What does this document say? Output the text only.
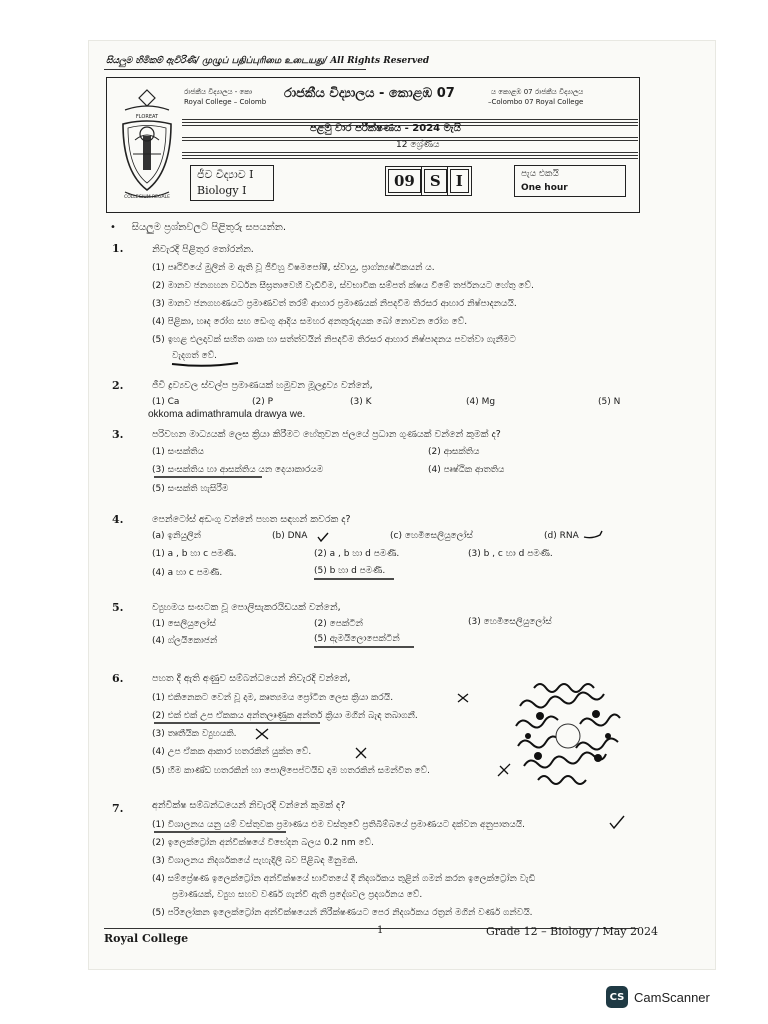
සියලුම හිමිකම් ඇවිරිණි/ முழுப் பதிப்புரிமை உடையது/ All Rights Reserved
FLOREAT
COLLEGIUM REGALE
රාජකීය විද්‍යාලය - කො
Royal College – Colomb
රාජකීය විද්‍යාලය - කොළඹ 07	ය කොළඹ 07 රාජකීය විද්‍යාලය
–Colombo 07 Royal College
පළමු වාර පරීක්ෂණය - 2024 මැයි
12 ශ්‍රේණිය
ජීව විද්‍යාව I
Biology I
09	S	I	පැය එකයි
One hour
•     සියලුම ප්‍රශ්නවලට පිළිතුරු සපයන්න.
1.	නිවැරදි පිළිතුර තෝරන්න.
(1) පෘථිවියේ මුලින් ම ඇති වූ ජීවීහු විෂමපෝෂී, ස්වායු, ප්‍රාග්න්‍යෂ්ටිකයන් ය.
(2) මානව ජනගහන වර්ධන සීඝ්‍රතාවෙහි වැඩිවීම, ස්වභාවික සම්පත් ක්ෂය වීමේ තර්ජනයට හේතු වේ.
(3) මානව ජනගහණයට ප්‍රමාණවත් තරම් ආහාර ප්‍රමාණයක් නිපදවීම තිරසර ආහාර නිෂ්පාදනයයි.
(4) පිළිකා, හෘද රෝග සහ ඩෙංගු ආදිය සමහර අනතුරුදායක බෝ නොවන රෝග වේ.
(5) ඉහළ එලදාවක් සහිත ශාක හා සත්ත්වයින් නිපදවීම තිරසර ආහාර නිෂ්පාදනය පවත්වා ගැනීමට
වැදගත් වේ.
2.	ජීවී ද්‍රව්‍යවල ස්වල්ප ප්‍රමාණයක් හමුවන මූලද්‍රව්‍ය වන්නේ,
(1) Ca	(2) P	(3) K	(4) Mg	(5) N
okkoma adimathramula drawya we.
3.	පරිවහන මාධ්‍යයක් ලෙස ක්‍රියා කිරීමට හේතුවන ජලයේ ප්‍රධාන ගුණයක් වන්නේ කුමක් ද?
(1) සංසක්තිය	(2) ආසක්තිය
(3) සංසක්තිය හා ආසක්තිය යන දෙයාකාරයම	(4) පෘෂ්ඨික ආතතිය
(5) සංසක්ති හැසිරීම
4.	පෙන්ටෝස් අඩංගු වන්නේ පහත සඳහන් කවරක ද?
(a) ඉනියුලින්	(b) DNA	(c) හෙමිසෙලියුලෝස්	(d) RNA
(1) a , b හා c පමණි.	(2) a , b හා d පමණි.	(3) b , c හා d පමණි.
(4) a හා c පමණි.	(5) b හා d පමණි.
5.	ව්‍යුහමය සංඝටක වූ පොලිසැකරයිඩයක් වන්නේ,
(1) සෙලියුලෝස්	(2) පෙක්ටින්	(3) හෙමිසෙලියුලෝස්
(4) ග්ලයිකොජන්	(5) ඇමයිලොපෙක්ටින්
6.	පහත දී ඇති අණුව සම්බන්ධයෙන් නිවැරදි වන්නේ,
(1) එකිනෙකට වෙන් වූ දාම, කෘත්‍යමය ප්‍රෝටීන ලෙස ක්‍රියා කරයි.
(2) එක් එක් උප ඒකකය අන්තලෘණුක අන්තර් ක්‍රියා මගින් බැඳ තබාගනී.
(3) තෘතීයික ව්‍යුහයකි.
(4) උප ඒකක ආකාර හතරකින් යුක්ත වේ.
(5) හීම කාණ්ඩ හතරකින් හා පොලිපෙප්ටයිඩ දාම හතරකින් සමන්විත වේ.
7.	අන්වීක්ෂ සම්බන්ධයෙන් නිවැරදි වන්නේ කුමක් ද?
(1) විශාලනය යනු යම් වස්තුවක ප්‍රමාණය එම වස්තුවේ ප්‍රතිබිම්බයේ ප්‍රමාණයට දක්වන අනුපාතයයි.
(2) ඉලෙක්ට්‍රෝන අන්වීක්ෂයේ විභේදන බලය 0.2 nm වේ.
(3) විශාලනය නිදර්ශකයේ පැහැදිලි බව පිළිබඳ මිනුමකි.
(4) සම්ප්‍රේෂණ ඉලෙක්ට්‍රෝන අන්වීක්ෂයේ භාවිතයේ දී නිදර්ශකය තුළින් ගමන් කරන ඉලෙක්ට්‍රෝන වැඩි
ප්‍රමාණයක්, ව්‍යුහ සහව වර්ණ ගැන්වී ඇති ප්‍රදේශවල ප්‍රදර්ශනය වේ.
(5) පරිලෝකන ඉලෙක්ට්‍රෝන අන්වීක්ෂයෙන් නිරීක්ෂණයට පෙර නිදර්ශකය රත්‍රන් මගින් වර්ණ ගන්වයි.
Royal College
1	Grade 12 – Biology / May 2024
CS CamScanner
